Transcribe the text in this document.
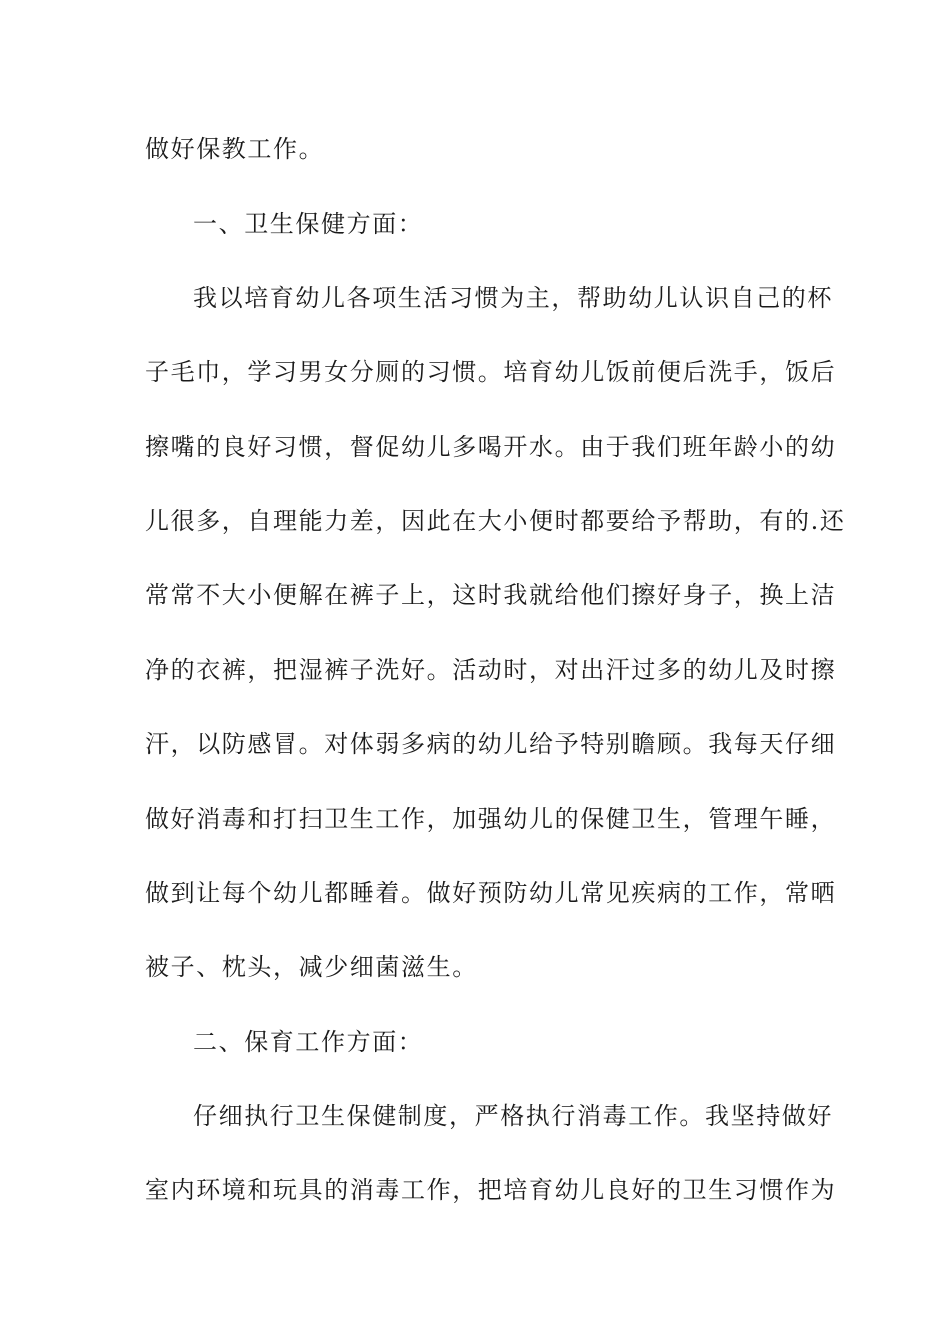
做好保教工作。
一、卫生保健方面：
我以培育幼儿各项生活习惯为主，帮助幼儿认识自己的杯
子毛巾，学习男女分厕的习惯。培育幼儿饭前便后洗手，饭后
擦嘴的良好习惯，督促幼儿多喝开水。由于我们班年龄小的幼
儿很多，自理能力差，因此在大小便时都要给予帮助，有的.还
常常不大小便解在裤子上，这时我就给他们擦好身子，换上洁
净的衣裤，把湿裤子洗好。活动时，对出汗过多的幼儿及时擦
汗，以防感冒。对体弱多病的幼儿给予特别瞻顾。我每天仔细
做好消毒和打扫卫生工作，加强幼儿的保健卫生，管理午睡，
做到让每个幼儿都睡着。做好预防幼儿常见疾病的工作，常晒
被子、枕头，减少细菌滋生。
二、保育工作方面：
仔细执行卫生保健制度，严格执行消毒工作。我坚持做好
室内环境和玩具的消毒工作，把培育幼儿良好的卫生习惯作为
